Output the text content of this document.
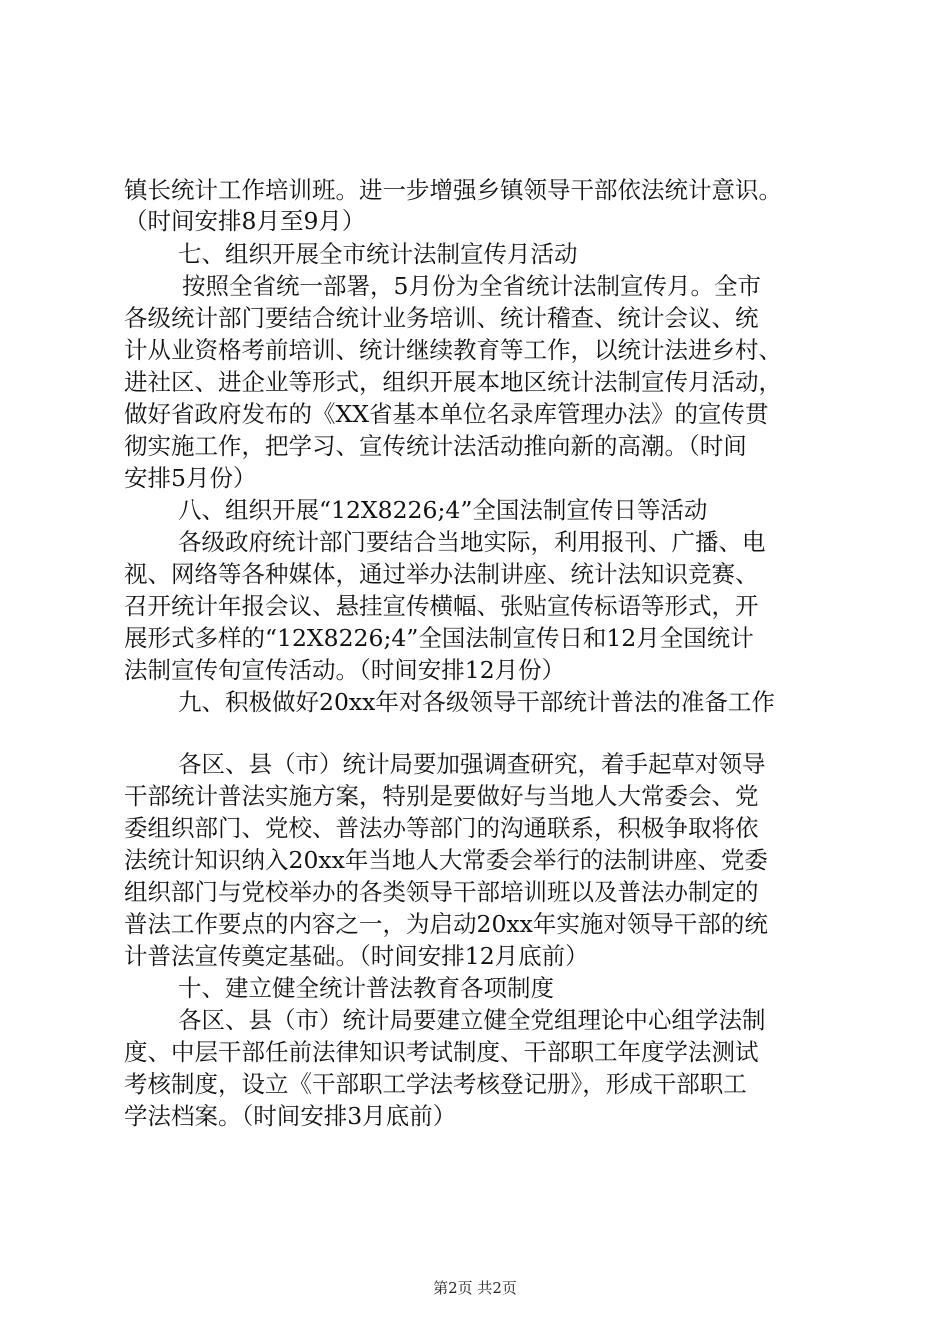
镇长统计工作培训班。进一步增强乡镇领导干部依法统计意识。
（时间安排8月至9月）
七、组织开展全市统计法制宣传月活动
按照全省统一部署，5月份为全省统计法制宣传月。全市
各级统计部门要结合统计业务培训、统计稽查、统计会议、统
计从业资格考前培训、统计继续教育等工作，以统计法进乡村、
进社区、进企业等形式，组织开展本地区统计法制宣传月活动，
做好省政府发布的《XX省基本单位名录库管理办法》的宣传贯
彻实施工作，把学习、宣传统计法活动推向新的高潮。（时间
安排5月份）
八、组织开展“12X8226;4”全国法制宣传日等活动
各级政府统计部门要结合当地实际，利用报刊、广播、电
视、网络等各种媒体，通过举办法制讲座、统计法知识竞赛、
召开统计年报会议、悬挂宣传横幅、张贴宣传标语等形式，开
展形式多样的“12X8226;4”全国法制宣传日和12月全国统计
法制宣传旬宣传活动。（时间安排12月份）
九、积极做好20xx年对各级领导干部统计普法的准备工作
各区、县（市）统计局要加强调查研究，着手起草对领导
干部统计普法实施方案，特别是要做好与当地人大常委会、党
委组织部门、党校、普法办等部门的沟通联系，积极争取将依
法统计知识纳入20xx年当地人大常委会举行的法制讲座、党委
组织部门与党校举办的各类领导干部培训班以及普法办制定的
普法工作要点的内容之一，为启动20xx年实施对领导干部的统
计普法宣传奠定基础。（时间安排12月底前）
十、建立健全统计普法教育各项制度
各区、县（市）统计局要建立健全党组理论中心组学法制
度、中层干部任前法律知识考试制度、干部职工年度学法测试
考核制度，设立《干部职工学法考核登记册》，形成干部职工
学法档案。（时间安排3月底前）
第2页 共2页
